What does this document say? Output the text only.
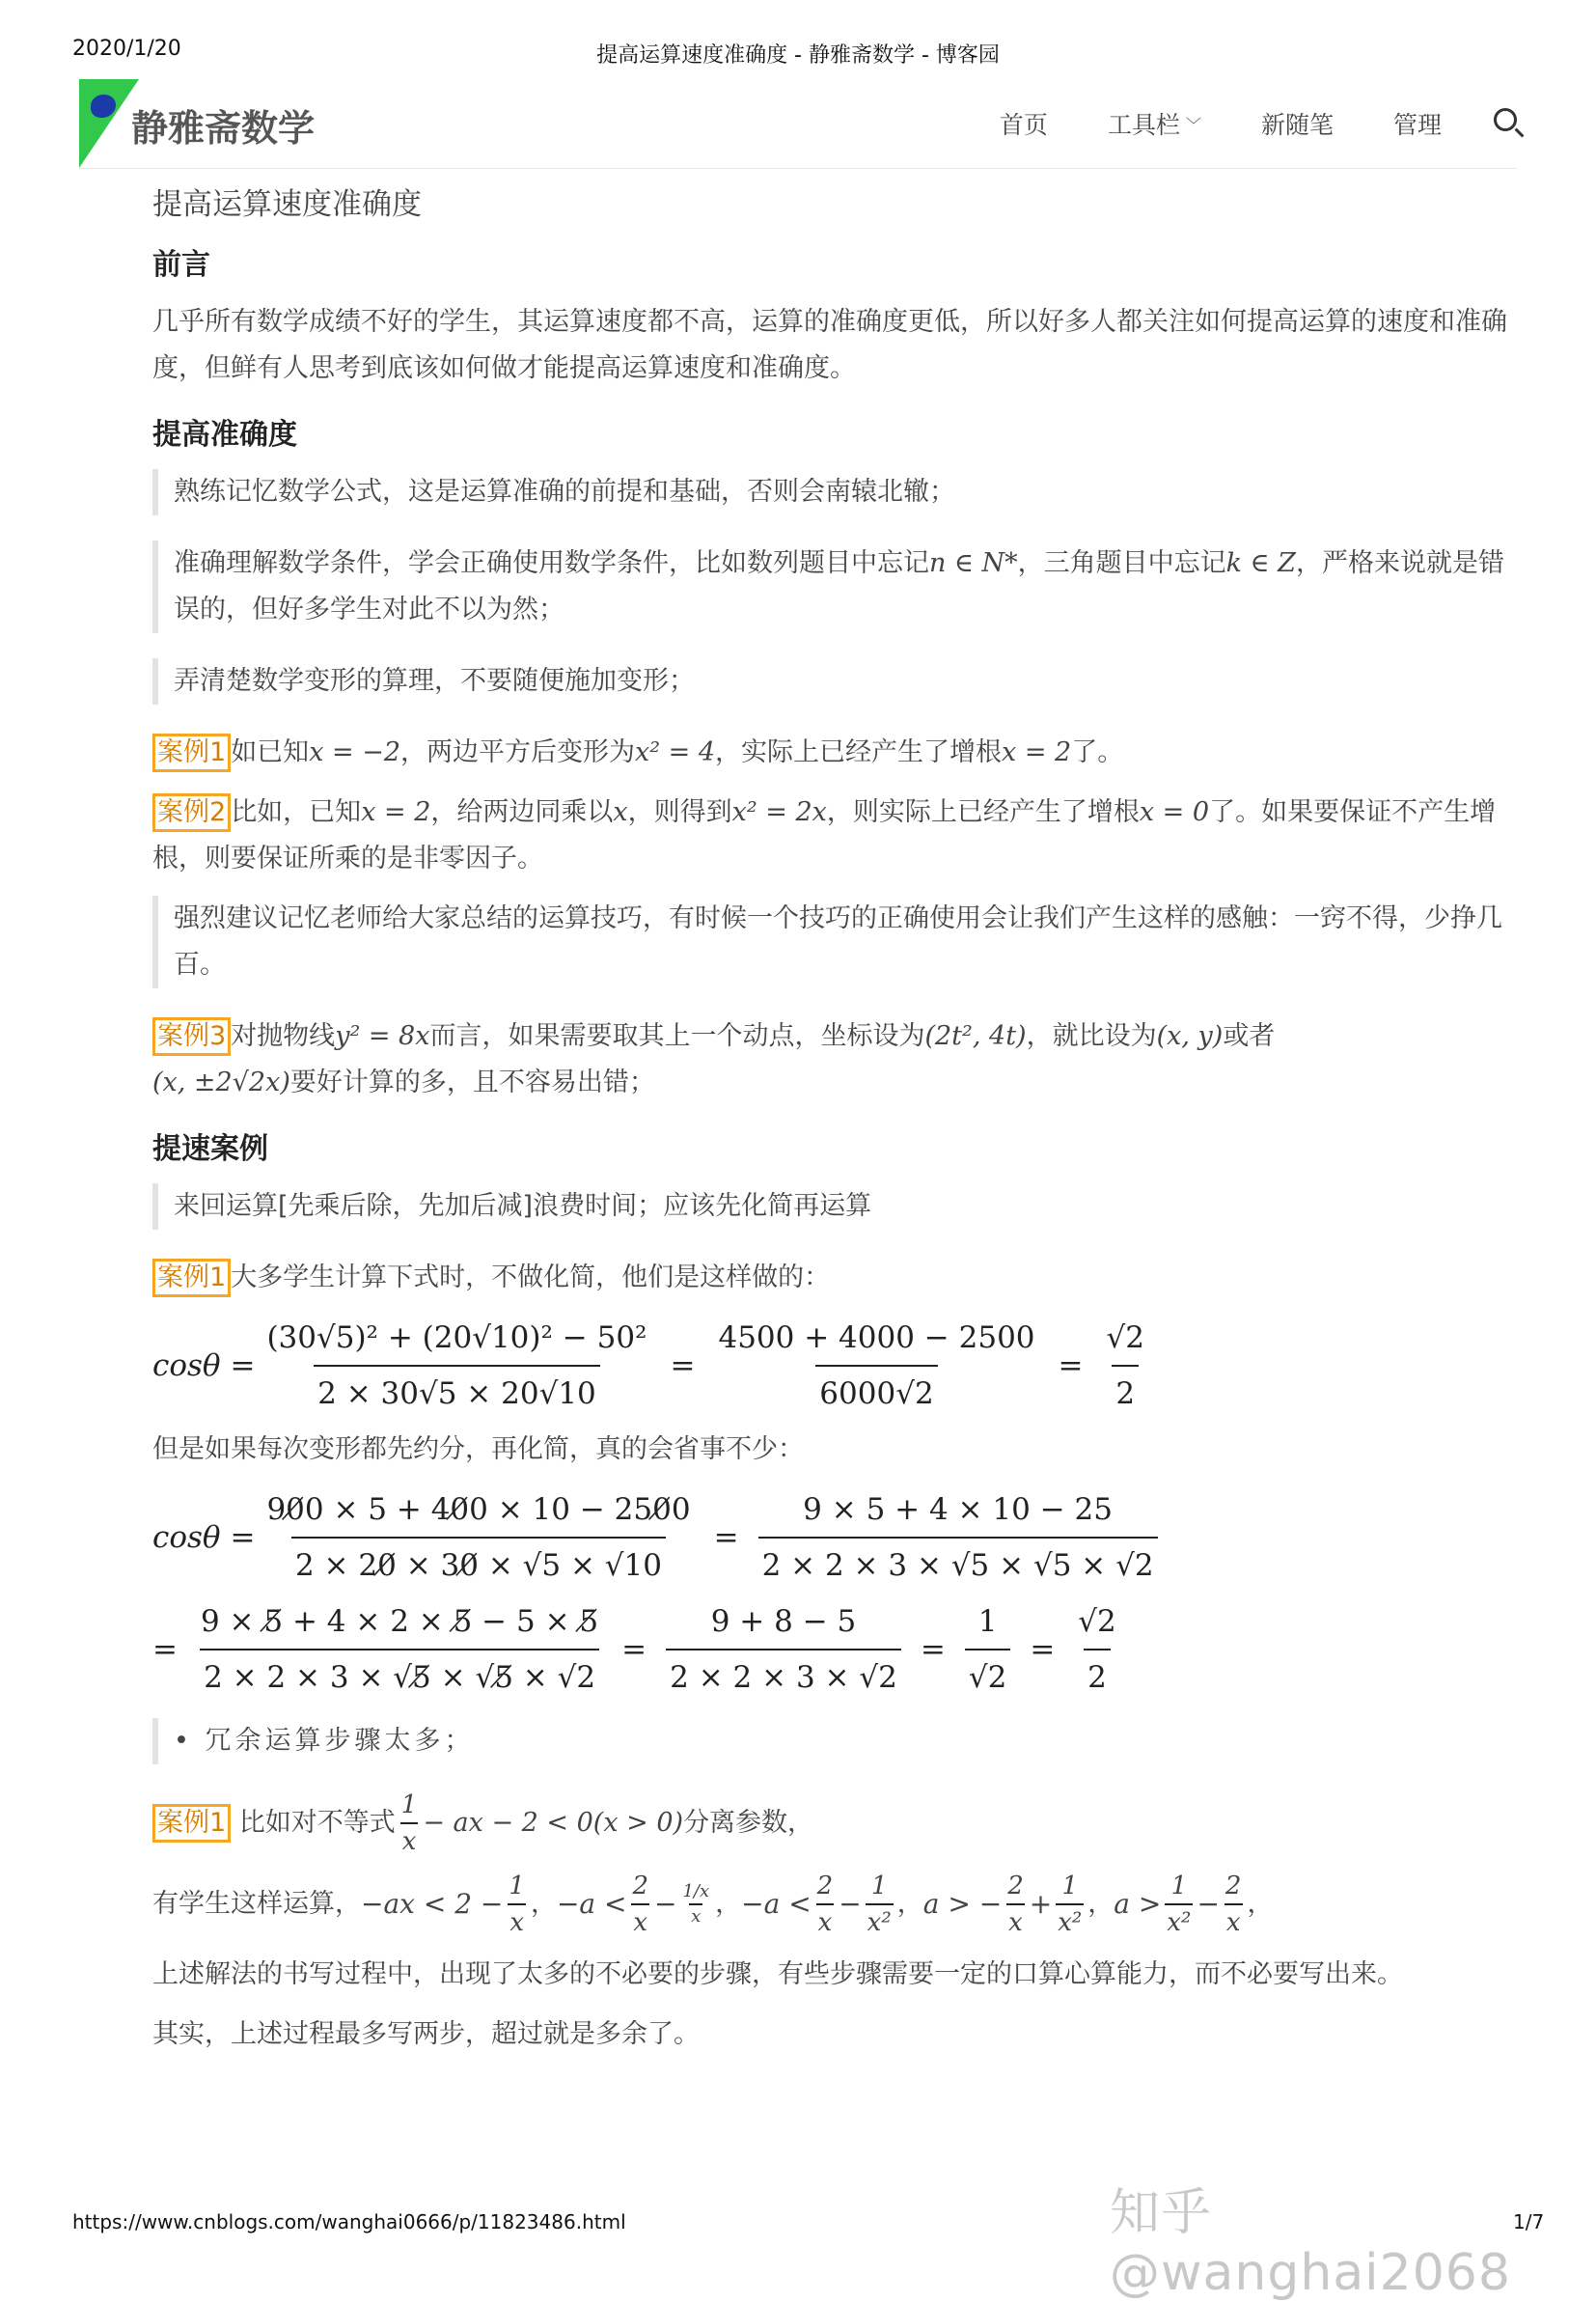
2020/1/20	提高运算速度准确度 - 静雅斋数学 - 博客园
静雅斋数学	首页 工具栏 ﹀ 新随笔 管理
提高运算速度准确度
前言

几乎所有数学成绩不好的学生，其运算速度都不高，运算的准确度更低，所以好多人都关注如何提高运算的速度和准确度，但鲜有人思考到底该如何做才能提高运算速度和准确度。

提高准确度
熟练记忆数学公式，这是运算准确的前提和基础，否则会南辕北辙；
准确理解数学条件，学会正确使用数学条件，比如数列题目中忘记n ∈ N*，三角题目中忘记k ∈ Z，严格来说就是错误的，但好多学生对此不以为然；
弄清楚数学变形的算理，不要随便施加变形；

案例1 如已知x = −2，两边平方后变形为x² = 4，实际上已经产生了增根x = 2了。

案例2 比如，已知x = 2，给两边同乘以x，则得到x² = 2x，则实际上已经产生了增根x = 0了。如果要保证不产生增根，则要保证所乘的是非零因子。

强烈建议记忆老师给大家总结的运算技巧，有时候一个技巧的正确使用会让我们产生这样的感触：一窍不得，少挣几百。

案例3 对抛物线y² = 8x而言，如果需要取其上一个动点，坐标设为(2t², 4t)，就比设为(x, y)或者
(x, ±2√2x)要好计算的多，且不容易出错；

提速案例
来回运算[先乘后除，先加后减]浪费时间；应该先化简再运算

案例1 大多学生计算下式时，不做化简，他们是这样做的：

$\cos\theta = \frac{\text{(30√5)² + (20√10)² − 50²}}{2 \times 30√5 \times 20√10} = \frac{4500 + 4000 - 2500}{6000√2} = \frac{√2}{2}$

但是如果每次变形都先约分，再化简，真的会省事不少：

$\cos\theta = \frac{90̸0 \times 5 + 40̸0 \times 10 - 250̸0}{2 \times 20̸ \times 30̸ \times √5 \times √10} = \frac{9 \times 5 + 4 \times 10 - 25}{2 \times 2 \times 3 \times √5 \times √5 \times √2}$
= $\frac{9 \times 5̸ + 4 \times 2 \times 5̸ - 5 \times 5̸}{2 \times 2 \times 3 \times √5̸ \times √5̸ \times √2} = \frac{9 + 8 - 5}{2 \times 2 \times 3 \times √2} = \frac{1}{√2} = \frac{√2}{2}$
• 冗余运算步骤太多；

案例1
比如对不等式 $\frac{1}{x}$ − ax − 2 < 0(x > 0) 分离参数，

有学生这样运算， $-ax < 2 - \frac{1}{x}$ ， $-a < \frac{2}{x} - \frac{1/x}{x}$ ， $-a < \frac{2}{x} - \frac{1}{\text{x²}}$ ， a > − $\frac{2}{x} + \frac{1}{\text{x²}}$ ， $a > \frac{1}{\text{x²}} - \frac{2}{x}$ ，

上述解法的书写过程中，出现了太多的不必要的步骤，有些步骤需要一定的口算心算能力，而不必要写出来。

其实，上述过程最多写两步，超过就是多余了。

知乎 @wanghai2068
https://www.cnblogs.com/wanghai0666/p/11823486.html	1/7
